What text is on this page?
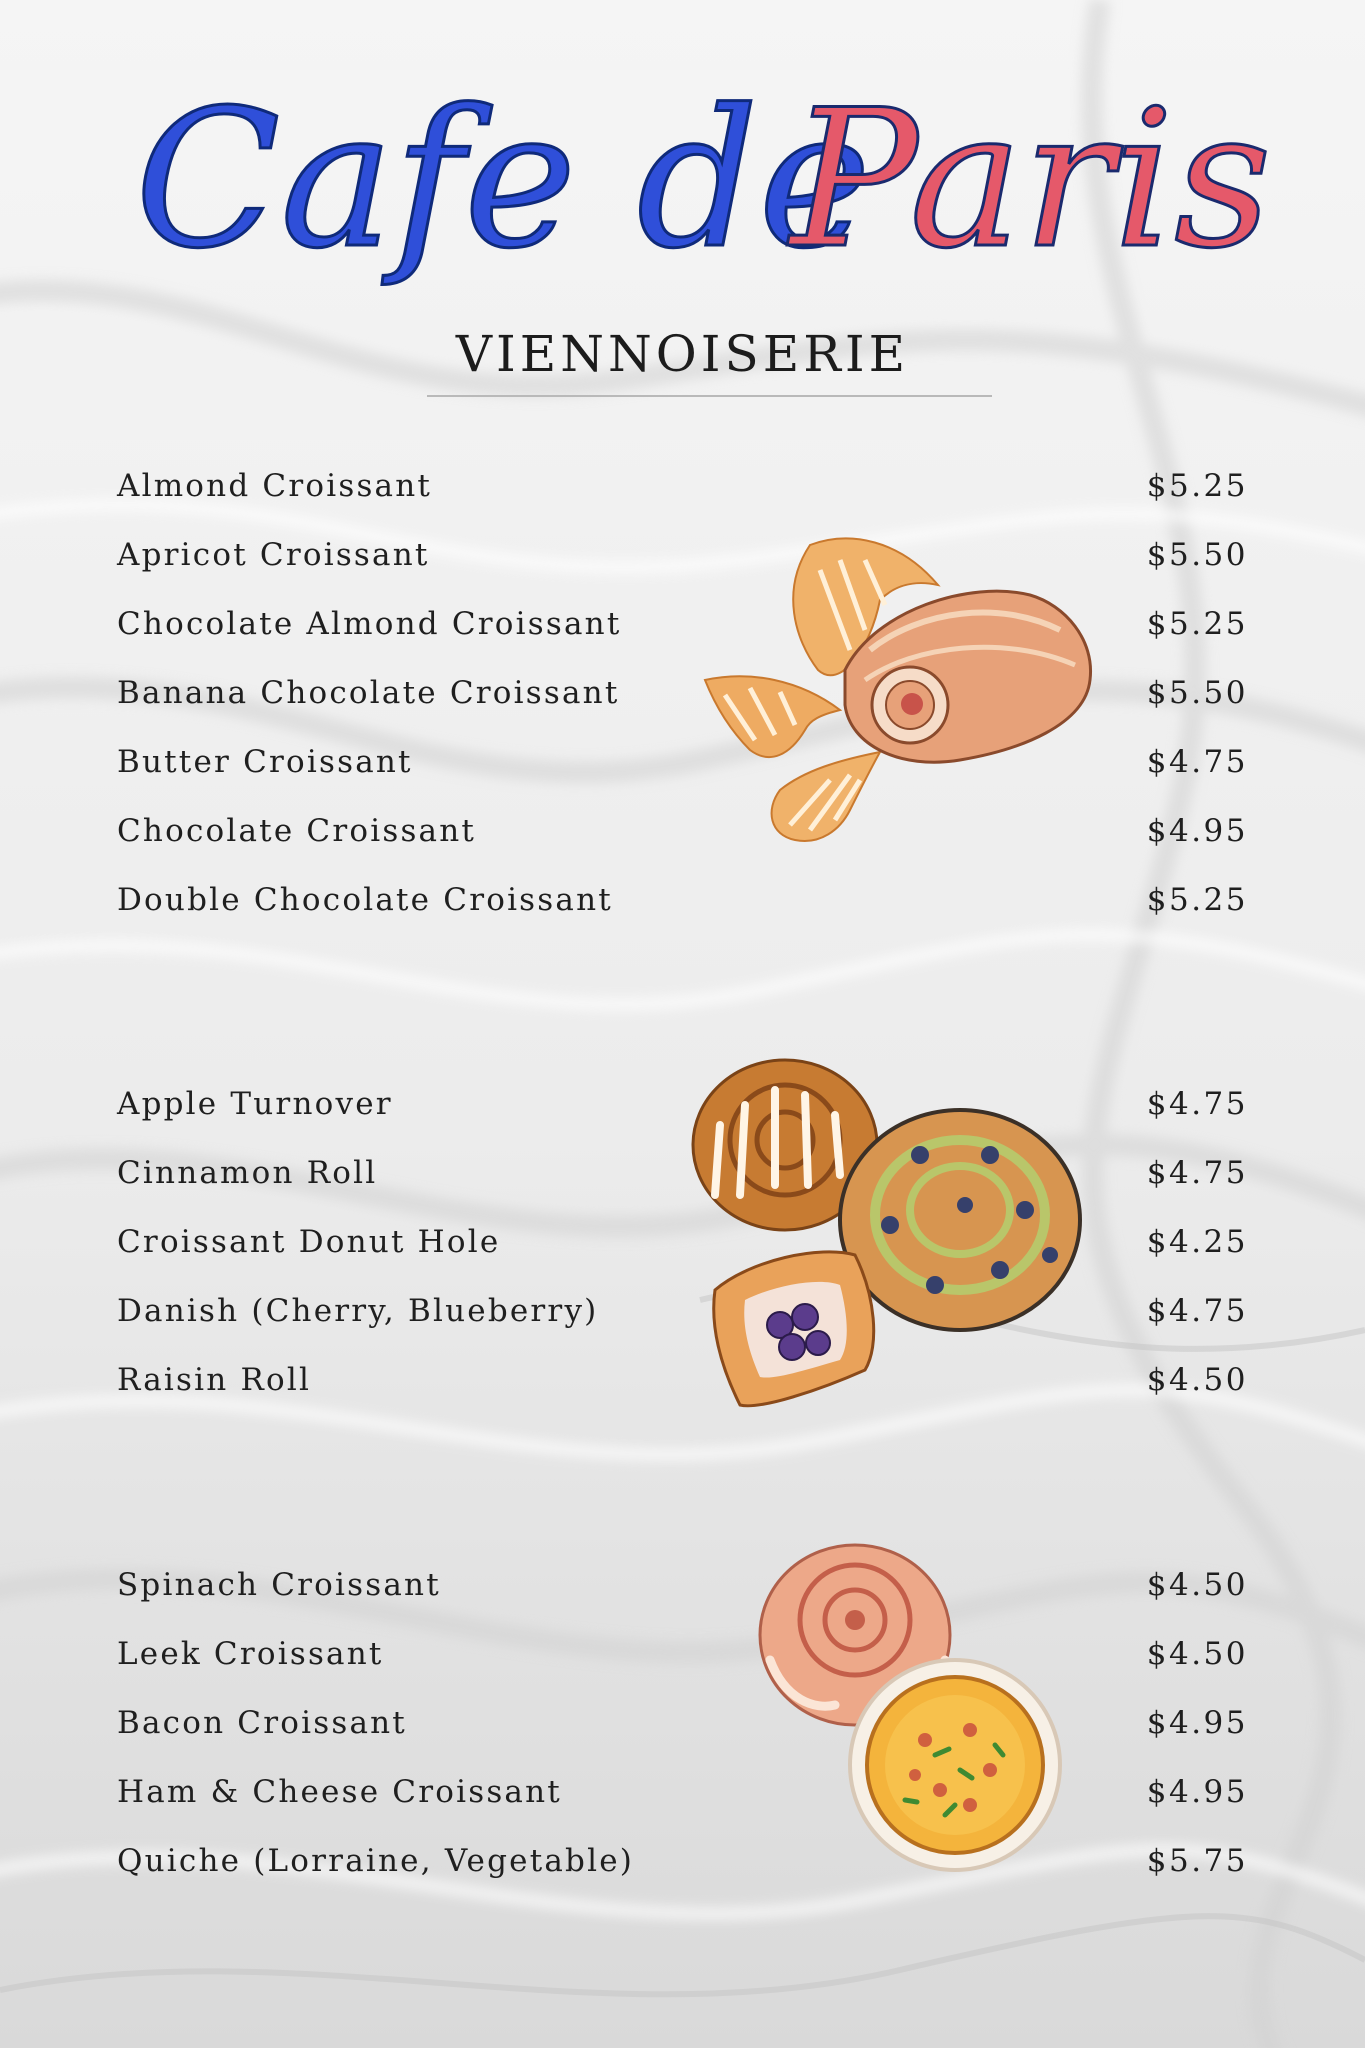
Cafe de
Paris
VIENNOISERIE
Almond Croissant	$5.25
Apricot Croissant	$5.50
Chocolate Almond Croissant	$5.25
Banana Chocolate Croissant	$5.50
Butter Croissant	$4.75
Chocolate Croissant	$4.95
Double Chocolate Croissant	$5.25
Apple Turnover	$4.75
Cinnamon Roll	$4.75
Croissant Donut Hole	$4.25
Danish (Cherry, Blueberry)	$4.75
Raisin Roll	$4.50
Spinach Croissant	$4.50
Leek Croissant	$4.50
Bacon Croissant	$4.95
Ham & Cheese Croissant	$4.95
Quiche (Lorraine, Vegetable)	$5.75
